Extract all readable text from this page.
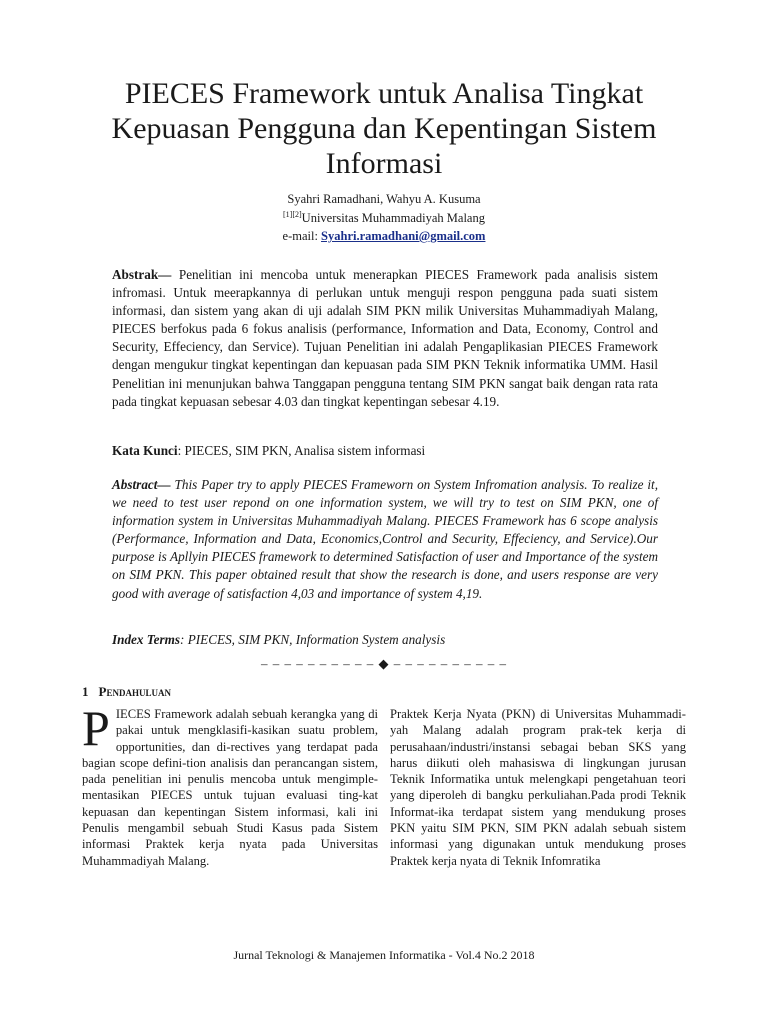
PIECES Framework untuk Analisa Tingkat Kepuasan Pengguna dan Kepentingan Sistem Informasi
Syahri Ramadhani, Wahyu A. Kusuma
[1][2]Universitas Muhammadiyah Malang
e-mail: Syahri.ramadhani@gmail.com
Abstrak— Penelitian ini mencoba untuk menerapkan PIECES Framework pada analisis sistem infromasi. Untuk meerapkannya di perlukan untuk menguji respon pengguna pada suati sistem informasi, dan sistem yang akan di uji adalah SIM PKN milik Universitas Muhammadiyah Malang, PIECES berfokus pada 6 fokus analisis (performance, Information and Data, Economy, Control and Security, Effeciency, dan Service). Tujuan Penelitian ini adalah Pengaplikasian PIECES Framework dengan mengukur tingkat kepentingan dan kepuasan pada SIM PKN Teknik informatika UMM. Hasil Penelitian ini menunjukan bahwa Tanggapan pengguna tentang SIM PKN sangat baik dengan rata rata pada tingkat kepuasan sebesar 4.03 dan tingkat kepentingan sebesar 4.19.
Kata Kunci: PIECES, SIM PKN, Analisa sistem informasi
Abstract— This Paper try to apply PIECES Frameworn on System Infromation analysis. To realize it, we need to test user repond on one information system, we will try to test on SIM PKN, one of information system in Universitas Muhammadiyah Malang. PIECES Framework has 6 scope analysis (Performance, Information and Data, Economics,Control and Security, Effeciency, and Service).Our purpose is Apllyin PIECES framework to determined Satisfaction of user and Importance of the system on SIM PKN. This paper obtained result that show the research is done, and users response are very good with average of satisfaction 4,03 and importance of system 4,19.
Index Terms: PIECES, SIM PKN, Information System analysis
– – – – – – – – – – ◆ – – – – – – – – – –
1 Pendahuluan
PIECES Framework adalah sebuah kerangka yang di pakai untuk mengklasifi-kasikan suatu problem, opportunities, dan di-rectives yang terdapat pada bagian scope defini-tion analisis dan perancangan sistem, pada penelitian ini penulis mencoba untuk mengimple-mentasikan PIECES untuk tujuan evaluasi ting-kat kepuasan dan kepentingan Sistem informasi, kali ini Penulis mengambil sebuah Studi Kasus pada Sistem informasi Praktek kerja nyata pada Universitas Muhammadiyah Malang.
Praktek Kerja Nyata (PKN) di Universitas Muhammadi-yah Malang adalah program prak-tek kerja di perusahaan/industri/instansi sebagai beban SKS yang harus diikuti oleh mahasiswa di lingkungan jurusan Teknik Informatika untuk melengkapi pengetahuan teori yang diperoleh di bangku perkuliahan.Pada prodi Teknik Informat-ika terdapat sistem yang mendukung proses PKN yaitu SIM PKN, SIM PKN adalah sebuah sistem informasi yang digunakan untuk mendukung proses Praktek kerja nyata di Teknik Infomratika
Jurnal Teknologi & Manajemen Informatika - Vol.4 No.2 2018
